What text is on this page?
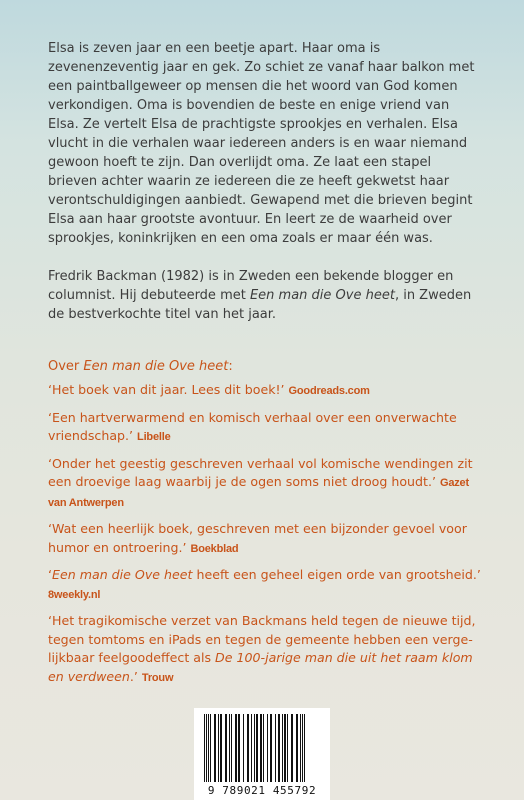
Elsa is zeven jaar en een beetje apart. Haar oma is zevenenzeventig jaar en gek. Zo schiet ze vanaf haar balkon met een paintballgeweer op mensen die het woord van God komen verkondigen. Oma is bovendien de beste en enige vriend van Elsa. Ze vertelt Elsa de prachtigste sprookjes en verhalen. Elsa vlucht in die verhalen waar iedereen anders is en waar niemand gewoon hoeft te zijn. Dan overlijdt oma. Ze laat een stapel brieven achter waarin ze iedereen die ze heeft gekwetst haar verontschuldigingen aanbiedt. Gewapend met die brieven begint Elsa aan haar grootste avontuur. En leert ze de waarheid over sprookjes, koninkrijken en een oma zoals er maar één was.

Fredrik Backman (1982) is in Zweden een bekende blogger en columnist. Hij debuteerde met Een man die Ove heet, in Zweden de bestverkochte titel van het jaar.

Over Een man die Ove heet:

‘Het boek van dit jaar. Lees dit boek!’ Goodreads.com

‘Een hartverwarmend en komisch verhaal over een onverwachte vriendschap.’ Libelle

‘Onder het geestig geschreven verhaal vol komische wendingen zit een droevige laag waarbij je de ogen soms niet droog houdt.’ Gazet van Antwerpen

‘Wat een heerlijk boek, geschreven met een bijzonder gevoel voor humor en ontroering.’ Boekblad

‘Een man die Ove heet heeft een geheel eigen orde van grootsheid.’ 8weekly.nl

‘Het tragikomische verzet van Backmans held tegen de nieuwe tijd, tegen tomtoms en iPads en tegen de gemeente hebben een vergelijkbaar feelgoodeffect als De 100-jarige man die uit het raam klom en verdween.’ Trouw

9 789021 455792
